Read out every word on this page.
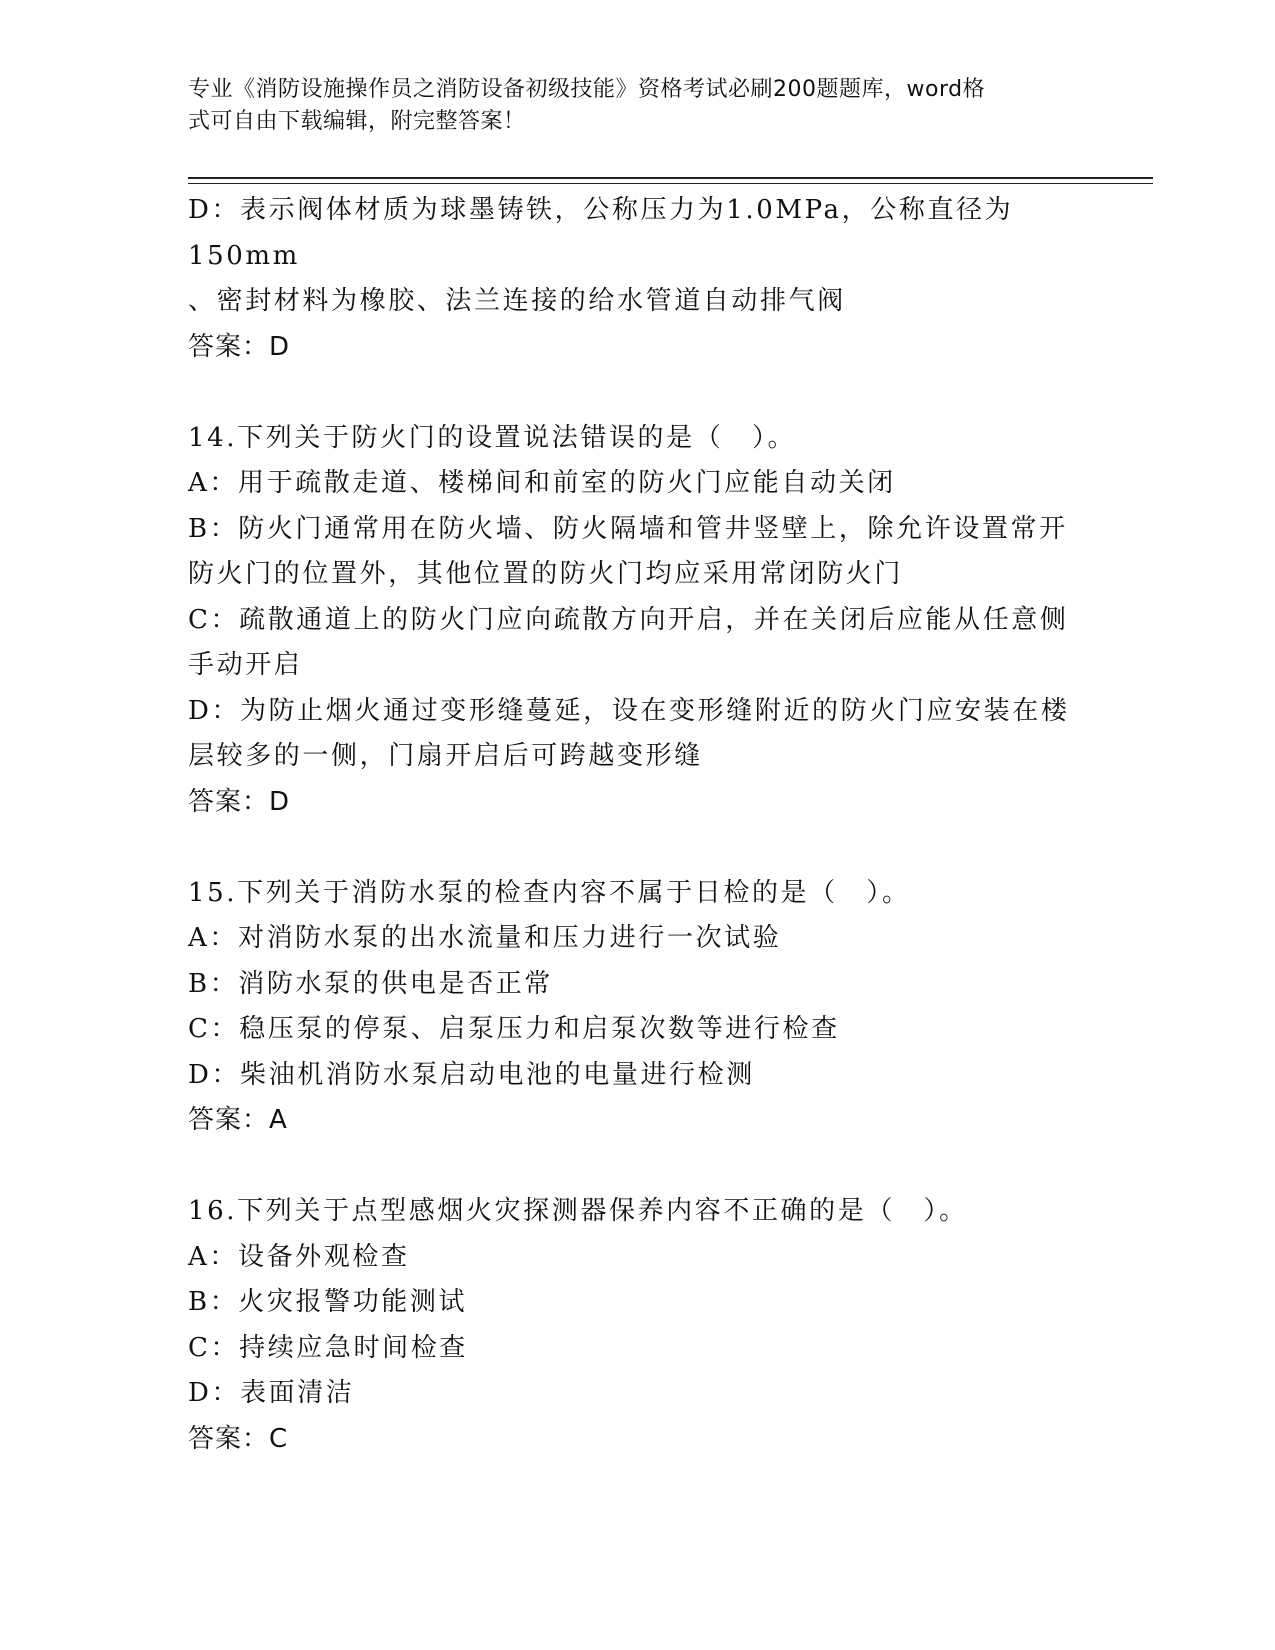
专业《消防设施操作员之消防设备初级技能》资格考试必刷200题题库，word格
式可自由下载编辑，附完整答案！
D：表示阀体材质为球墨铸铁，公称压力为1.0MPa，公称直径为150mm
、密封材料为橡胶、法兰连接的给水管道自动排气阀
答案：D
14.下列关于防火门的设置说法错误的是（　）。
A：用于疏散走道、楼梯间和前室的防火门应能自动关闭
B：防火门通常用在防火墙、防火隔墙和管井竖壁上，除允许设置常开
防火门的位置外，其他位置的防火门均应采用常闭防火门
C：疏散通道上的防火门应向疏散方向开启，并在关闭后应能从任意侧
手动开启
D：为防止烟火通过变形缝蔓延，设在变形缝附近的防火门应安装在楼
层较多的一侧，门扇开启后可跨越变形缝
答案：D
15.下列关于消防水泵的检查内容不属于日检的是（　）。
A：对消防水泵的出水流量和压力进行一次试验
B：消防水泵的供电是否正常
C：稳压泵的停泵、启泵压力和启泵次数等进行检查
D：柴油机消防水泵启动电池的电量进行检测
答案：A
16.下列关于点型感烟火灾探测器保养内容不正确的是（　）。
A：设备外观检查
B：火灾报警功能测试
C：持续应急时间检查
D：表面清洁
答案：C
